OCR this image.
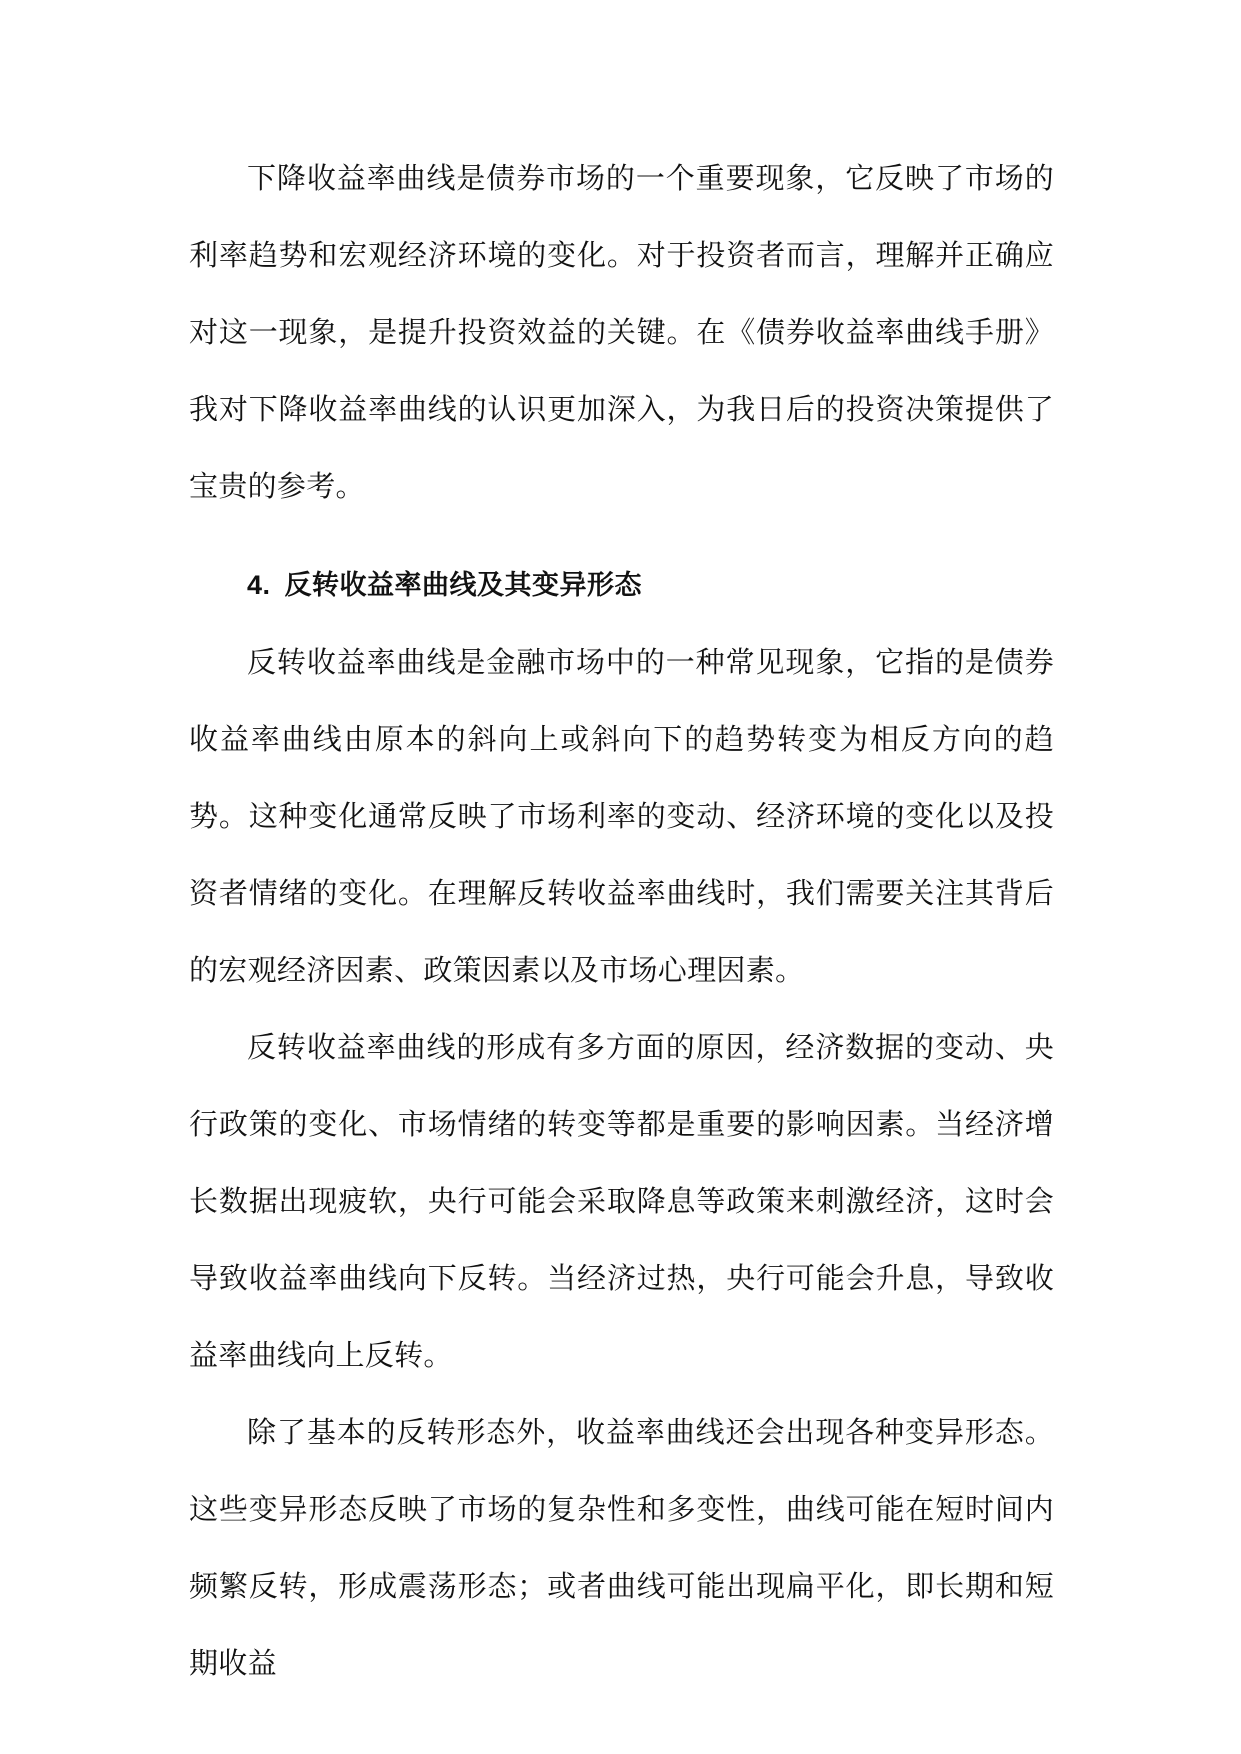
下降收益率曲线是债券市场的一个重要现象，它反映了市场的利率趋势和宏观经济环境的变化。对于投资者而言，理解并正确应对这一现象，是提升投资效益的关键。在《债券收益率曲线手册》我对下降收益率曲线的认识更加深入，为我日后的投资决策提供了宝贵的参考。

4. 反转收益率曲线及其变异形态

反转收益率曲线是金融市场中的一种常见现象，它指的是债券收益率曲线由原本的斜向上或斜向下的趋势转变为相反方向的趋势。这种变化通常反映了市场利率的变动、经济环境的变化以及投资者情绪的变化。在理解反转收益率曲线时，我们需要关注其背后的宏观经济因素、政策因素以及市场心理因素。

反转收益率曲线的形成有多方面的原因，经济数据的变动、央行政策的变化、市场情绪的转变等都是重要的影响因素。当经济增长数据出现疲软，央行可能会采取降息等政策来刺激经济，这时会导致收益率曲线向下反转。当经济过热，央行可能会升息，导致收益率曲线向上反转。

除了基本的反转形态外，收益率曲线还会出现各种变异形态。这些变异形态反映了市场的复杂性和多变性，曲线可能在短时间内频繁反转，形成震荡形态；或者曲线可能出现扁平化，即长期和短期收益
